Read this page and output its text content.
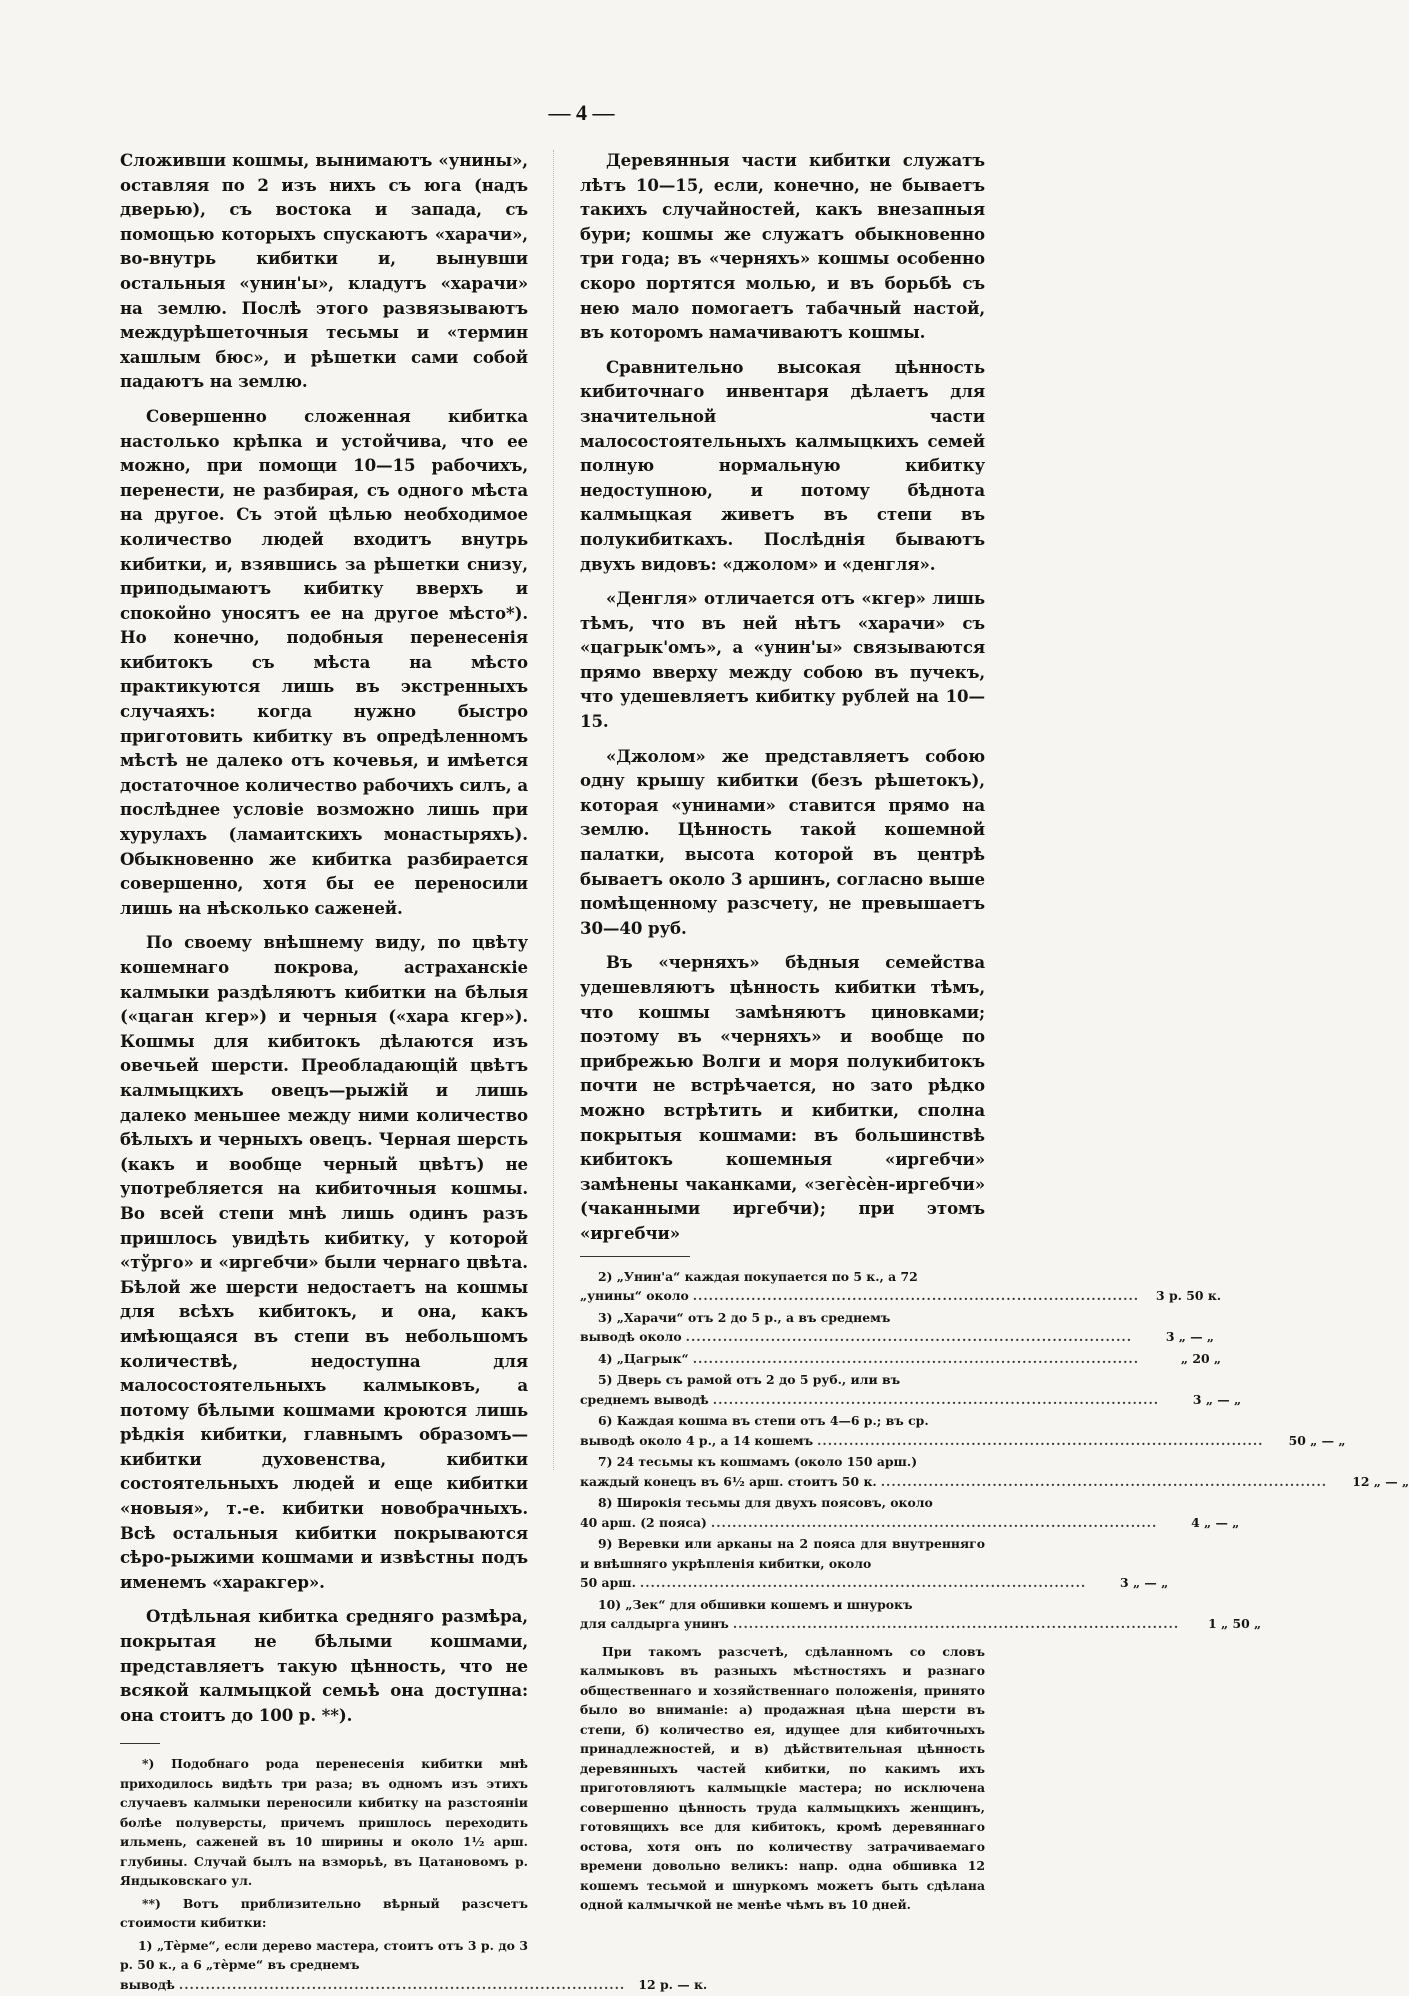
— 4 —

Сложивши кошмы, вынимаютъ «унины», оставляя по 2 изъ нихъ съ юга (надъ дверью), съ востока и запада, съ помощью которыхъ спускаютъ «харачи», во-внутрь кибитки и, вынувши остальныя «унин'ы», кладутъ «харачи» на землю. Послѣ этого развязываютъ междурѣшеточныя тесьмы и «термин хашлым бюс», и рѣшетки сами собой падаютъ на землю.

Совершенно сложенная кибитка настолько крѣпка и устойчива, что ее можно, при помощи 10—15 рабочихъ, перенести, не разбирая, съ одного мѣста на другое. Съ этой цѣлью необходимое количество людей входитъ внутрь кибитки, и, взявшись за рѣшетки снизу, приподымаютъ кибитку вверхъ и спокойно уносятъ ее на другое мѣсто*). Но конечно, подобныя перенесенія кибитокъ съ мѣста на мѣсто практикуются лишь въ экстренныхъ случаяхъ: когда нужно быстро приготовить кибитку въ опредѣленномъ мѣстѣ не далеко отъ кочевья, и имѣется достаточное количество рабочихъ силъ, а послѣднее условіе возможно лишь при хурулахъ (ламаитскихъ монастыряхъ). Обыкновенно же кибитка разбирается совершенно, хотя бы ее переносили лишь на нѣсколько саженей.

По своему внѣшнему виду, по цвѣту кошемнаго покрова, астраханскіе калмыки раздѣляютъ кибитки на бѣлыя («цаган кгер») и черныя («хара кгер»). Кошмы для кибитокъ дѣлаются изъ овечьей шерсти. Преобладающій цвѣтъ калмыцкихъ овецъ—рыжій и лишь далеко меньшее между ними количество бѣлыхъ и черныхъ овецъ. Черная шерсть (какъ и вообще черный цвѣтъ) не употребляется на кибиточныя кошмы. Во всей степи мнѣ лишь одинъ разъ пришлось увидѣть кибитку, у которой «тўрго» и «иргебчи» были чернаго цвѣта. Бѣлой же шерсти недостаетъ на кошмы для всѣхъ кибитокъ, и она, какъ имѣющаяся въ степи въ небольшомъ количествѣ, недоступна для малосостоятельныхъ калмыковъ, а потому бѣлыми кошмами кроются лишь рѣдкія кибитки, главнымъ образомъ—кибитки духовенства, кибитки состоятельныхъ людей и еще кибитки «новыя», т.-е. кибитки новобрачныхъ. Всѣ остальныя кибитки покрываются сѣро-рыжими кошмами и извѣстны подъ именемъ «харакгер».

Отдѣльная кибитка средняго размѣра, покрытая не бѣлыми кошмами, представляетъ такую цѣнность, что не всякой калмыцкой семьѣ она доступна: она стоитъ до 100 р. **).

*) Подобнаго рода перенесенія кибитки мнѣ приходилось видѣть три раза; въ одномъ изъ этихъ случаевъ калмыки переносили кибитку на разстояніи болѣе полуверсты, причемъ пришлось переходить ильмень, саженей въ 10 ширины и около 1½ арш. глубины. Случай былъ на взморьѣ, въ Цатановомъ р. Яндыковскаго ул.

**) Вотъ приблизительно вѣрный разсчетъ стоимости кибитки:

1) „Тѐрме“, если дерево мастера, стоитъ отъ 3 р. до 3 р. 50 к., а 6 „тѐрме“ въ среднемъ
выводѣ ....................................................................................	12 р. — к.

Деревянныя части кибитки служатъ лѣтъ 10—15, если, конечно, не бываетъ такихъ случайностей, какъ внезапныя бури; кошмы же служатъ обыкновенно три года; въ «черняхъ» кошмы особенно скоро портятся молью, и въ борьбѣ съ нею мало помогаетъ табачный настой, въ которомъ намачиваютъ кошмы.

Сравнительно высокая цѣнность кибиточнаго инвентаря дѣлаетъ для значительной части малосостоятельныхъ калмыцкихъ семей полную нормальную кибитку недоступною, и потому бѣднота калмыцкая живетъ въ степи въ полукибиткахъ. Послѣднія бываютъ двухъ видовъ: «джолом» и «денгля».

«Денгля» отличается отъ «кгер» лишь тѣмъ, что въ ней нѣтъ «харачи» съ «цагрык'омъ», а «унин'ы» связываются прямо вверху между собою въ пучекъ, что удешевляетъ кибитку рублей на 10—15.

«Джолом» же представляетъ собою одну крышу кибитки (безъ рѣшетокъ), которая «унинами» ставится прямо на землю. Цѣнность такой кошемной палатки, высота которой въ центрѣ бываетъ около 3 аршинъ, согласно выше помѣщенному разсчету, не превышаетъ 30—40 руб.

Въ «черняхъ» бѣдныя семейства удешевляютъ цѣнность кибитки тѣмъ, что кошмы замѣняютъ циновками; поэтому въ «черняхъ» и вообще по прибрежью Волги и моря полукибитокъ почти не встрѣчается, но зато рѣдко можно встрѣтить и кибитки, сполна покрытыя кошмами: въ большинствѣ кибитокъ кошемныя «иргебчи» замѣнены чаканками, «зегѐсѐн-иргебчи» (чаканными иргебчи); при этомъ «иргебчи»

2) „Унин'а“ каждая покупается по 5 к., а 72
„унины“ около ....................................................................................	3 р. 50 к.
3) „Харачи“ отъ 2 до 5 р., а въ среднемъ
выводѣ около ....................................................................................	3 „ — „
4) „Цагрык“ ....................................................................................	„ 20 „
5) Дверь съ рамой отъ 2 до 5 руб., или въ
среднемъ выводѣ ....................................................................................	3 „ — „
6) Каждая кошма въ степи отъ 4—6 р.; въ ср.
выводѣ около 4 р., а 14 кошемъ ....................................................................................	50 „ — „
7) 24 тесьмы къ кошмамъ (около 150 арш.)
каждый конецъ въ 6½ арш. стоитъ 50 к. ....................................................................................	12 „ — „
8) Широкія тесьмы для двухъ поясовъ, около
40 арш. (2 пояса) ....................................................................................	4 „ — „
9) Веревки или арканы на 2 пояса для внутренняго и внѣшняго укрѣпленія кибитки, около
50 арш. ....................................................................................	3 „ — „
10) „Зек“ для обшивки кошемъ и шнурокъ
для салдырга унинъ ....................................................................................	1 „ 50 „

При такомъ разсчетѣ, сдѣланномъ со словъ калмыковъ въ разныхъ мѣстностяхъ и разнаго общественнаго и хозяйственнаго положенія, принято было во вниманіе: а) продажная цѣна шерсти въ степи, б) количество ея, идущее для кибиточныхъ принадлежностей, и в) дѣйствительная цѣнность деревянныхъ частей кибитки, по какимъ ихъ приготовляютъ калмыцкіе мастера; но исключена совершенно цѣнность труда калмыцкихъ женщинъ, готовящихъ все для кибитокъ, кромѣ деревяннаго остова, хотя онъ по количеству затрачиваемаго времени довольно великъ: напр. одна обшивка 12 кошемъ тесьмой и шнуркомъ можетъ быть сдѣлана одной калмычкой не менѣе чѣмъ въ 10 дней.
